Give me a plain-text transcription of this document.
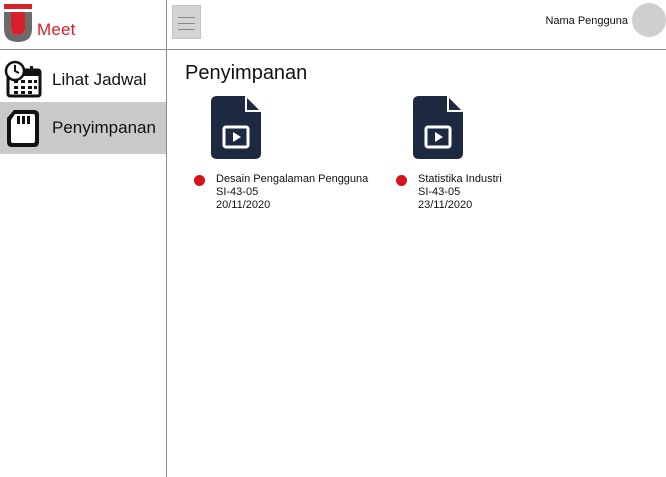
Meet
Lihat Jadwal
Penyimpanan
Nama Pengguna
Penyimpanan
Desain Pengalaman Pengguna
SI-43-05
20/11/2020
Statistika Industri
SI-43-05
23/11/2020
